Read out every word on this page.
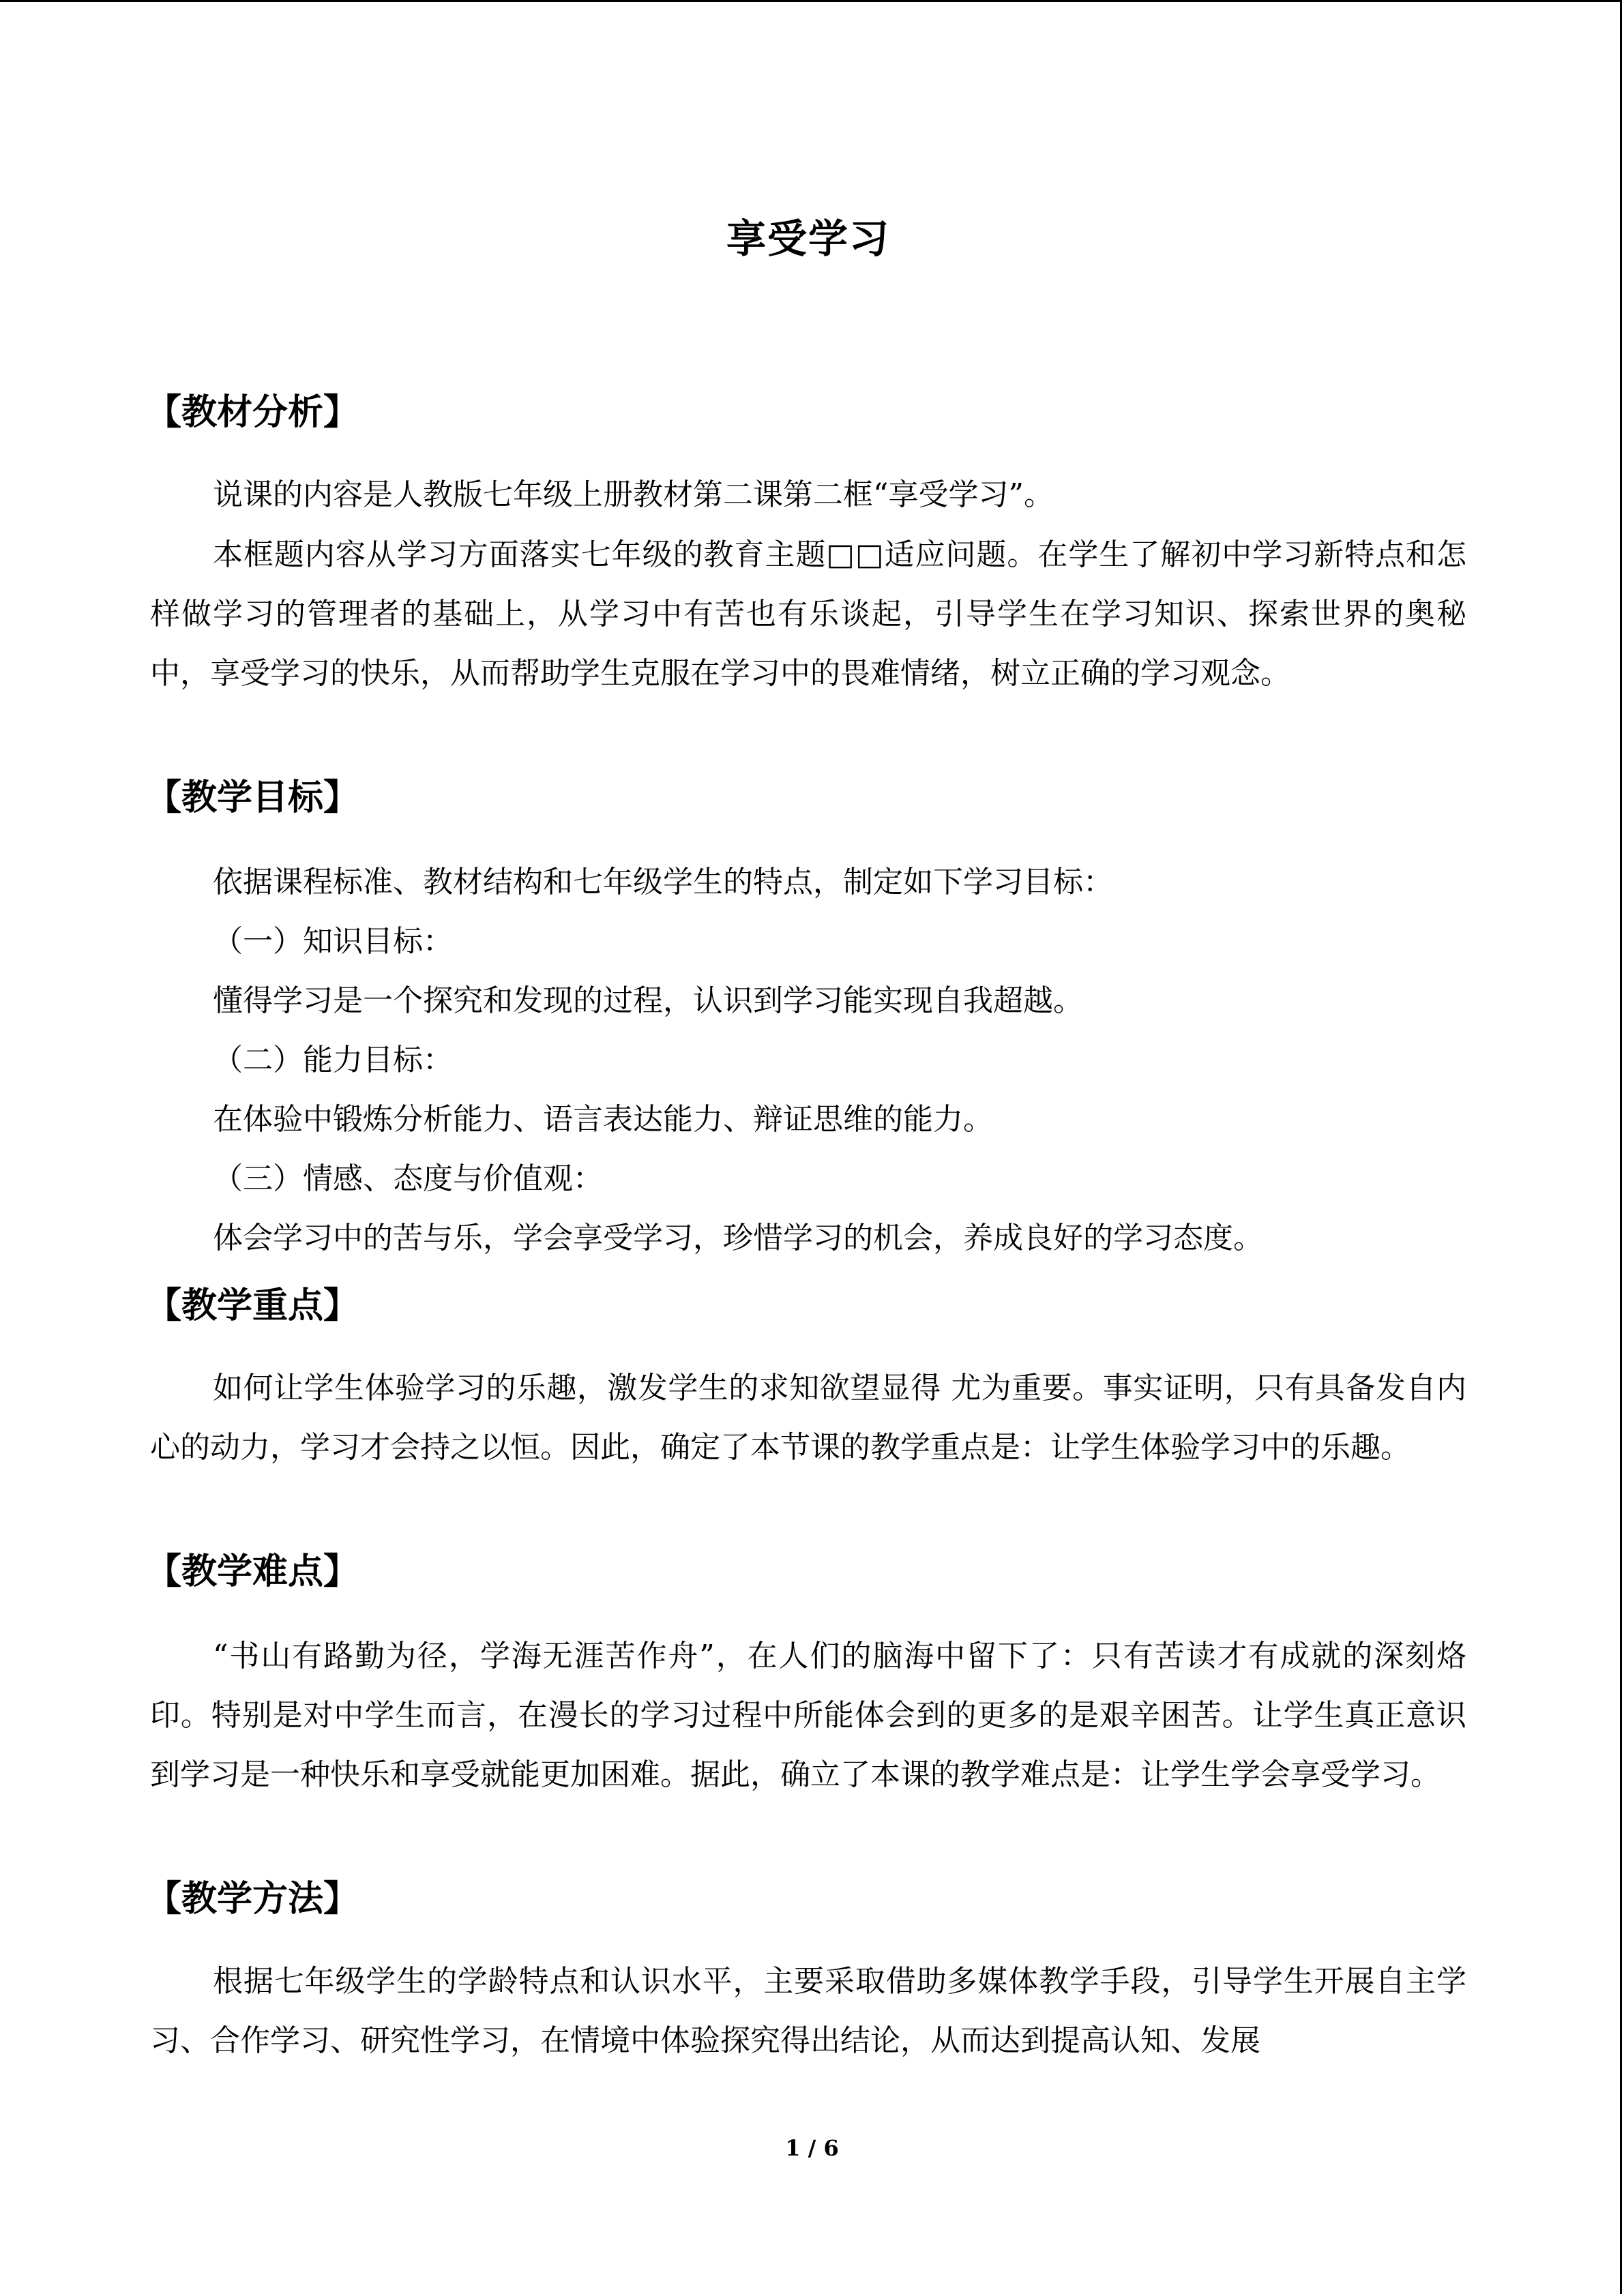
享受学习
【教材分析】
说课的内容是人教版七年级上册教材第二课第二框“享受学习”。
本框题内容从学习方面落实七年级的教育主题□□适应问题。在学生了解初中学习新特点和怎样做学习的管理者的基础上，从学习中有苦也有乐谈起，引导学生在学习知识、探索世界的奥秘中，享受学习的快乐，从而帮助学生克服在学习中的畏难情绪，树立正确的学习观念。
【教学目标】
依据课程标准、教材结构和七年级学生的特点，制定如下学习目标：
（一）知识目标：
懂得学习是一个探究和发现的过程，认识到学习能实现自我超越。
（二）能力目标：
在体验中锻炼分析能力、语言表达能力、辩证思维的能力。
（三）情感、态度与价值观：
体会学习中的苦与乐，学会享受学习，珍惜学习的机会，养成良好的学习态度。
【教学重点】
如何让学生体验学习的乐趣，激发学生的求知欲望显得 尤为重要。事实证明，只有具备发自内心的动力，学习才会持之以恒。因此，确定了本节课的教学重点是：让学生体验学习中的乐趣。
【教学难点】
“书山有路勤为径，学海无涯苦作舟”，在人们的脑海中留下了：只有苦读才有成就的深刻烙印。特别是对中学生而言，在漫长的学习过程中所能体会到的更多的是艰辛困苦。让学生真正意识到学习是一种快乐和享受就能更加困难。据此，确立了本课的教学难点是：让学生学会享受学习。
【教学方法】
根据七年级学生的学龄特点和认识水平，主要采取借助多媒体教学手段，引导学生开展自主学习、合作学习、研究性学习，在情境中体验探究得出结论，从而达到提高认知、发展
1 / 6
